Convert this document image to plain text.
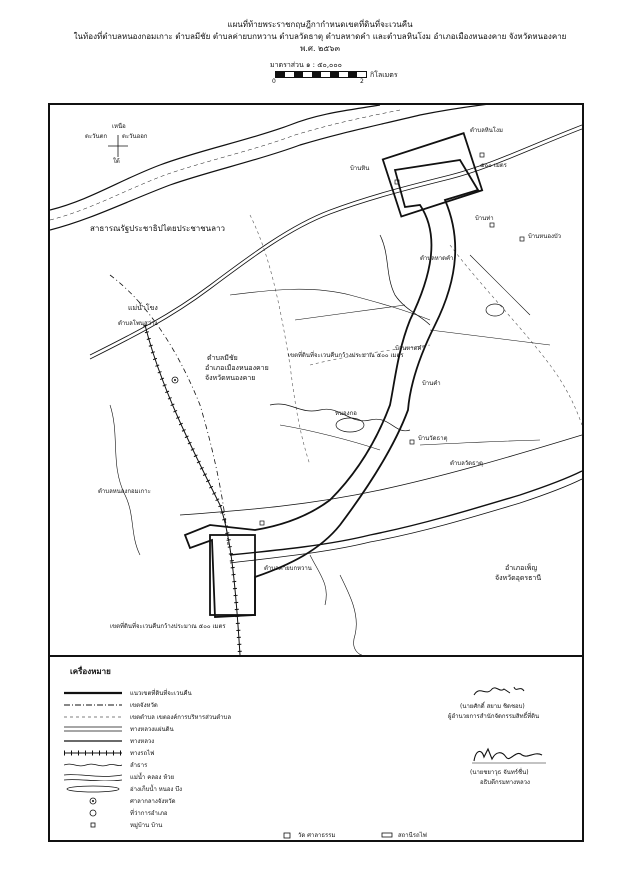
แผนที่ท้ายพระราชกฤษฎีกากำหนดเขตที่ดินที่จะเวนคืน
ในท้องที่ตำบลหนองกอมเกาะ ตำบลมีชัย ตำบลค่ายบกหวาน ตำบลวัดธาตุ ตำบลหาดคำ และตำบลหินโงม อำเภอเมืองหนองคาย จังหวัดหนองคาย
พ.ศ. ๒๕๖๓
มาตราส่วน ๑ : ๕๐,๐๐๐
0	2
กิโลเมตร
เหนือ
ตะวันตก ตะวันออก
ใต้
สาธารณรัฐประชาธิปไตยประชาชนลาว
แม่น้ำโขง
ตำบลมีชัย
อำเภอเมืองหนองคาย
จังหวัดหนองคาย
ตำบลหาดคำ
ตำบลหินโงม
ตำบลวัดธาตุ
ตำบลหนองกอมเกาะ
ตำบลค่ายบกหวาน
ตำบลโพนสว่าง
อำเภอเพ็ญ
จังหวัดอุดรธานี
เขตที่ดินที่จะเวนคืนกว้างประมาณ ๕๐๐ เมตร
เขตที่ดินที่จะเวนคืนกว้างประมาณ ๕๐๐ เมตร
๕๐๐ เมตร
บ้านหิน
บ้านท่า
บ้านหนองบัว
บ้านวัดธาตุ
บ้านคำ
หนองกอ
บ้านหาดคำ
เครื่องหมาย
แนวเขตที่ดินที่จะเวนคืน
เขตจังหวัด
เขตตำบล เขตองค์การบริหารส่วนตำบล
ทางหลวงแผ่นดิน
ทางหลวง
ทางรถไฟ
ลำธาร
แม่น้ำ คลอง ห้วย
อ่างเก็บน้ำ หนอง บึง
ศาลากลางจังหวัด
ที่ว่าการอำเภอ
หมู่บ้าน บ้าน
วัด ศาลาธรรม	สถานีรถไฟ
(นายศักดิ์ สยาม ชิดชอบ)
ผู้อำนวยการสำนักจัดกรรมสิทธิ์ที่ดิน
(นายชยาวุธ จันทร์ชื่น)
อธิบดีกรมทางหลวง
